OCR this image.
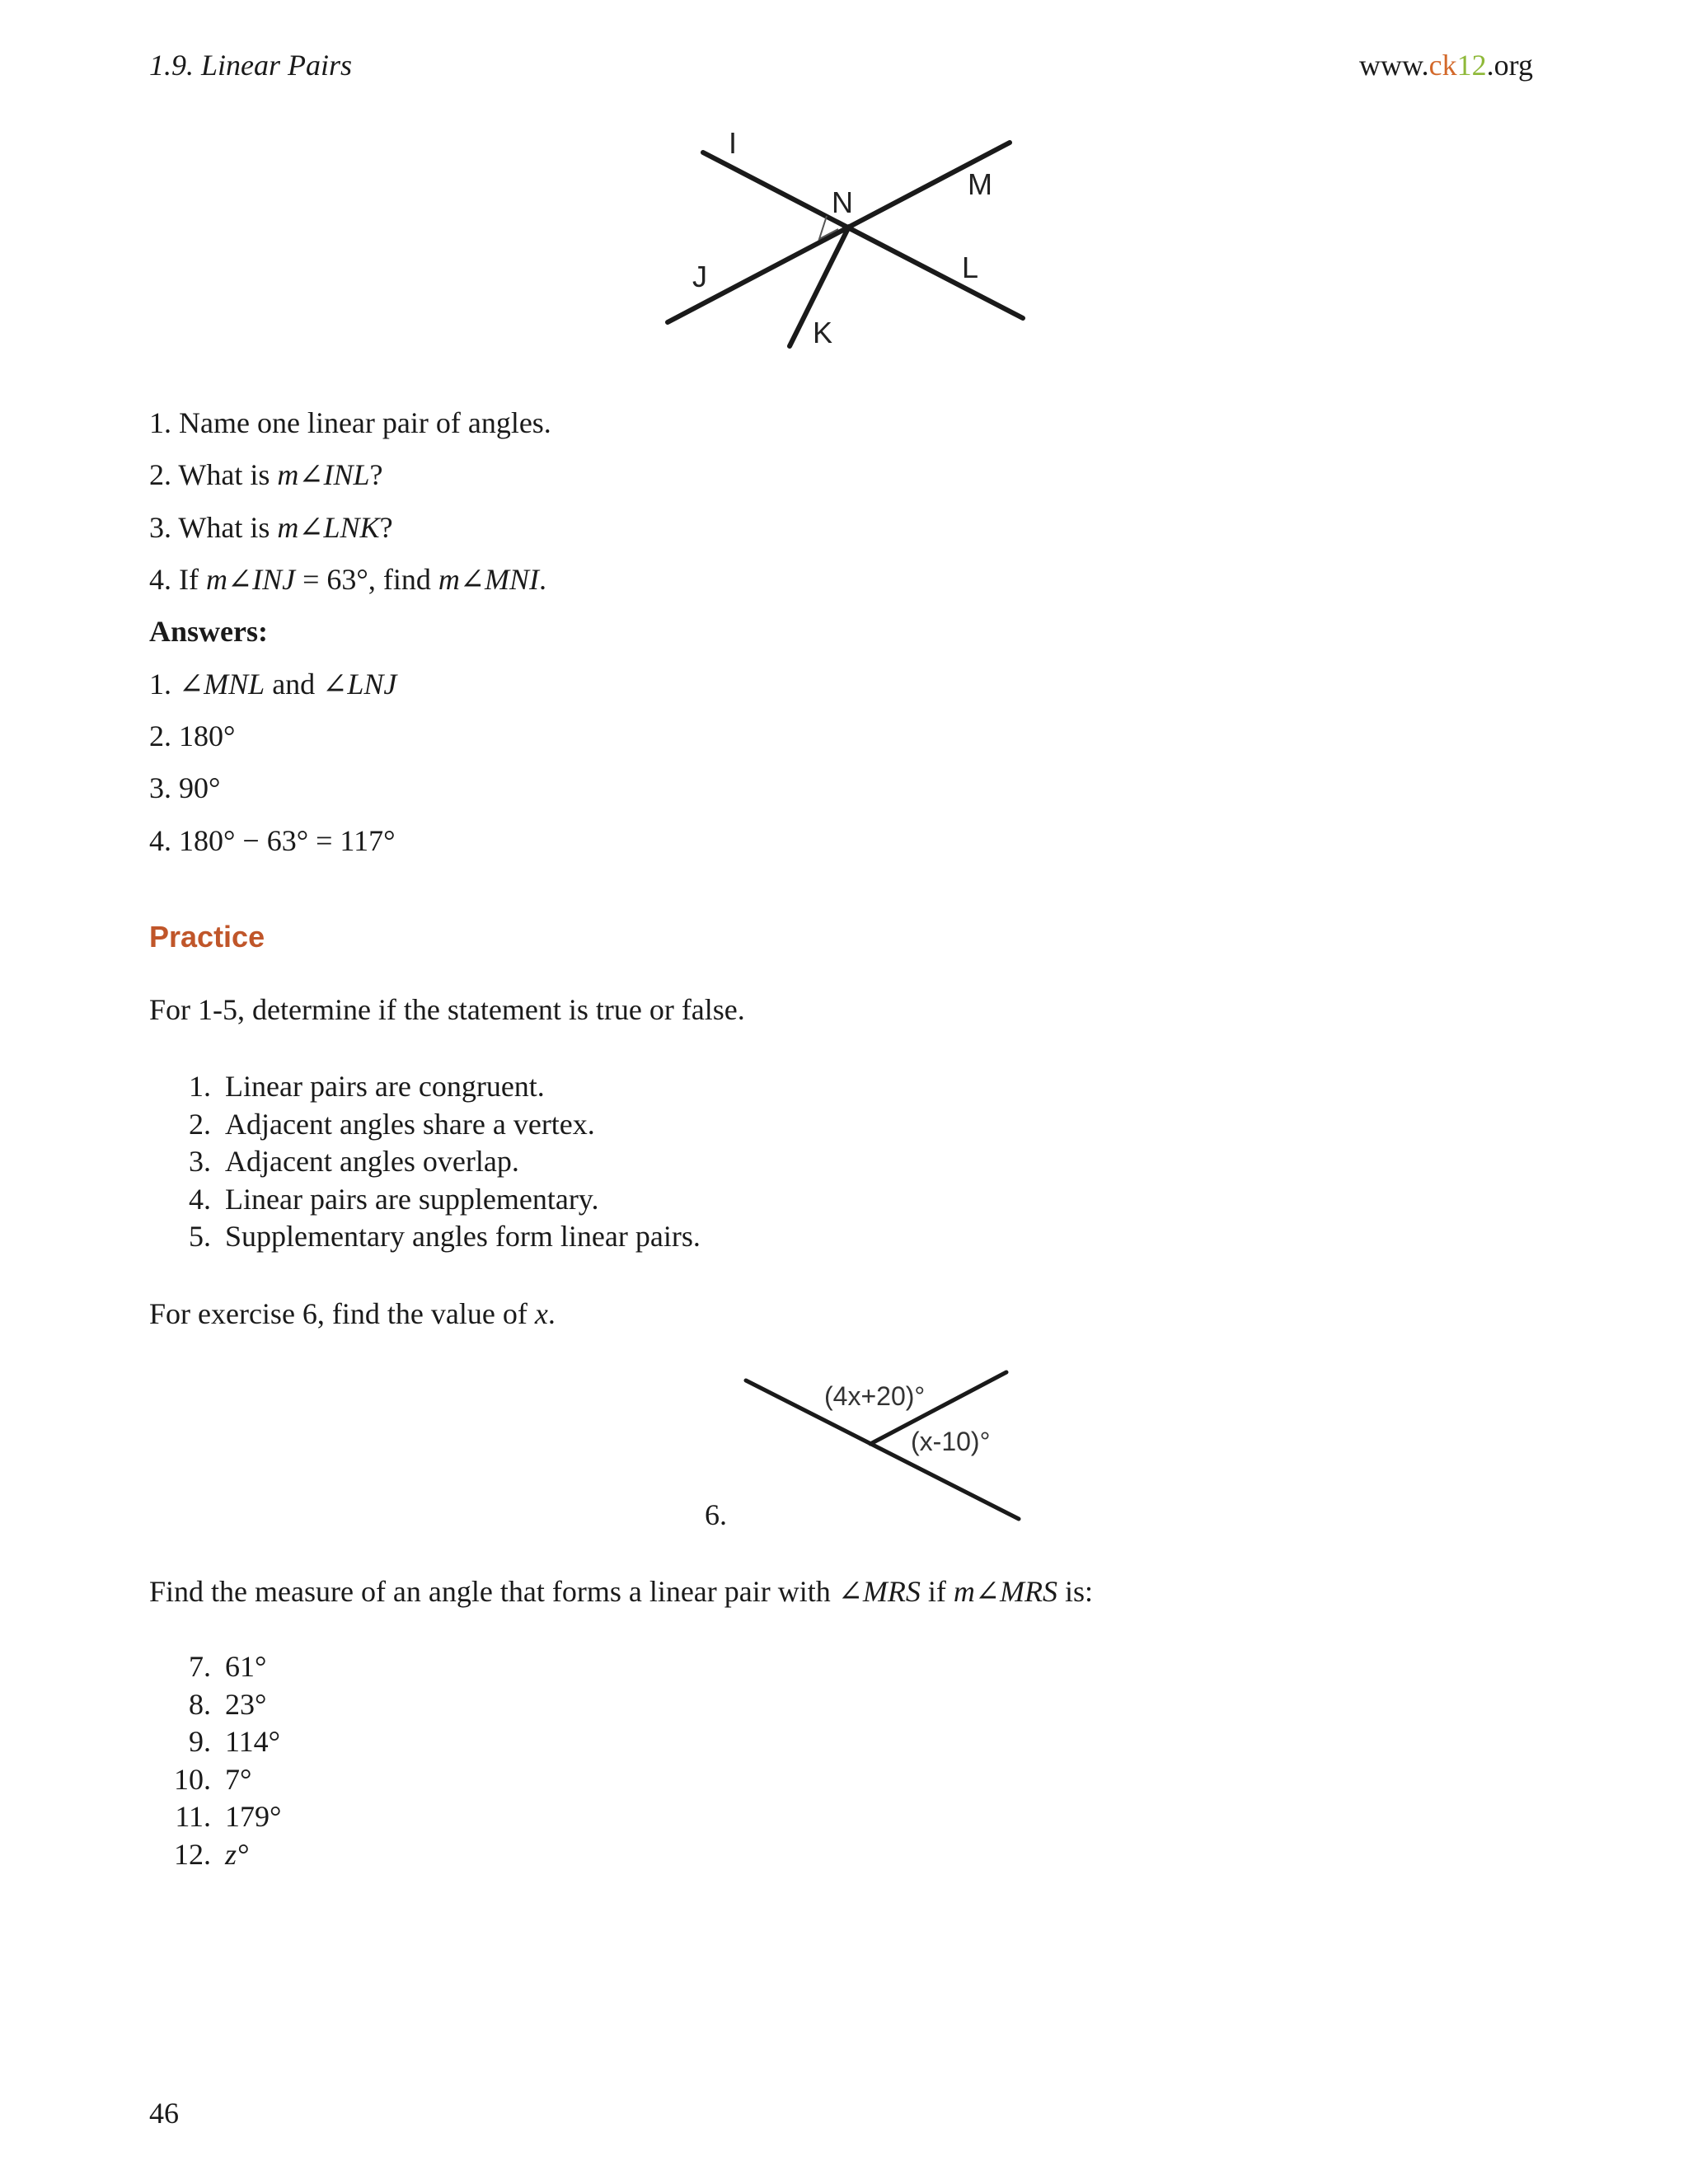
1.9. Linear Pairs	www.ck12.org
I
M
N
J	L
K
1. Name one linear pair of angles.
2. What is m∠INL?
3. What is m∠LNK?
4. If m∠INJ = 63°, find m∠MNI.
Answers:
1. ∠MNL and ∠LNJ
2. 180°
3. 90°
4. 180° − 63° = 117°
Practice
For 1-5, determine if the statement is true or false.
1. Linear pairs are congruent.
2. Adjacent angles share a vertex.
3. Adjacent angles overlap.
4. Linear pairs are supplementary.
5. Supplementary angles form linear pairs.
For exercise 6, find the value of x.
(4x+20)°
(x-10)°
6.
Find the measure of an angle that forms a linear pair with ∠MRS if m∠MRS is:
7. 61°
8. 23°
9. 114°
10. 7°
11. 179°
12. z°
46
